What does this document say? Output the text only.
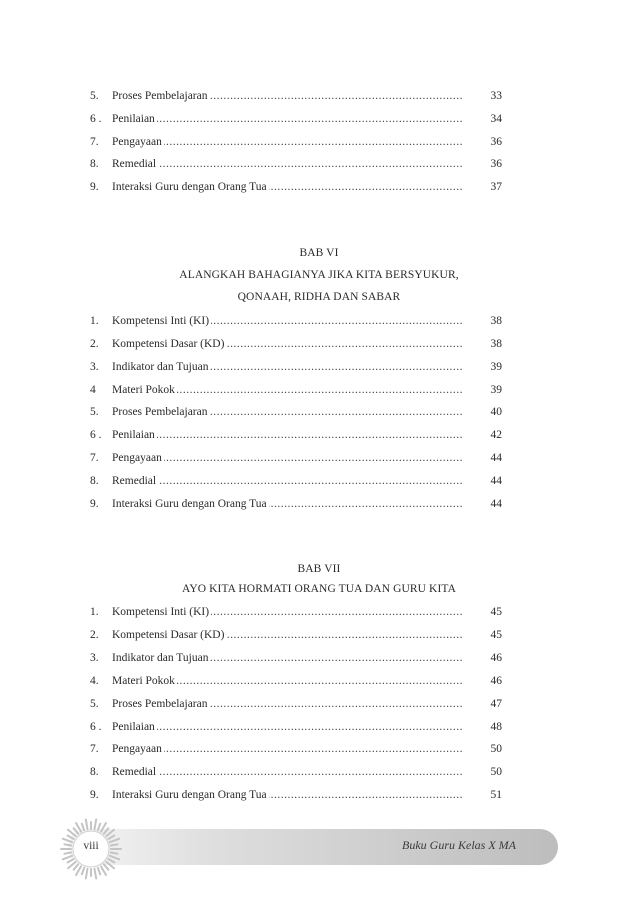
5.	Proses Pembelajaran .....	33
6 . Penilaian .....	34
7.	Pengayaan .....	36
8.	Remedial .....	36
9.	Interaksi Guru dengan Orang Tua .....	37
BAB VI
ALANGKAH BAHAGIANYA JIKA KITA BERSYUKUR,
QONAAH, RIDHA DAN SABAR
1.	Kompetensi Inti (KI) .....	38
2.	Kompetensi Dasar (KD) .....	38
3.	Indikator dan Tujuan .....	39
4	Materi Pokok .....	39
5.	Proses Pembelajaran .....	40
6 . Penilaian .....	42
7.	Pengayaan .....	44
8.	Remedial .....	44
9.	Interaksi Guru dengan Orang Tua .....	44
BAB VII
AYO KITA HORMATI ORANG TUA DAN GURU KITA
1.	Kompetensi Inti (KI) .....	45
2.	Kompetensi Dasar (KD) .....	45
3.	Indikator dan Tujuan .....	46
4.	Materi Pokok .....	46
5.	Proses Pembelajaran .....	47
6 . Penilaian .....	48
7.	Pengayaan .....	50
8.	Remedial .....	50
9.	Interaksi Guru dengan Orang Tua .....	51
Buku Guru Kelas X MA
viii
